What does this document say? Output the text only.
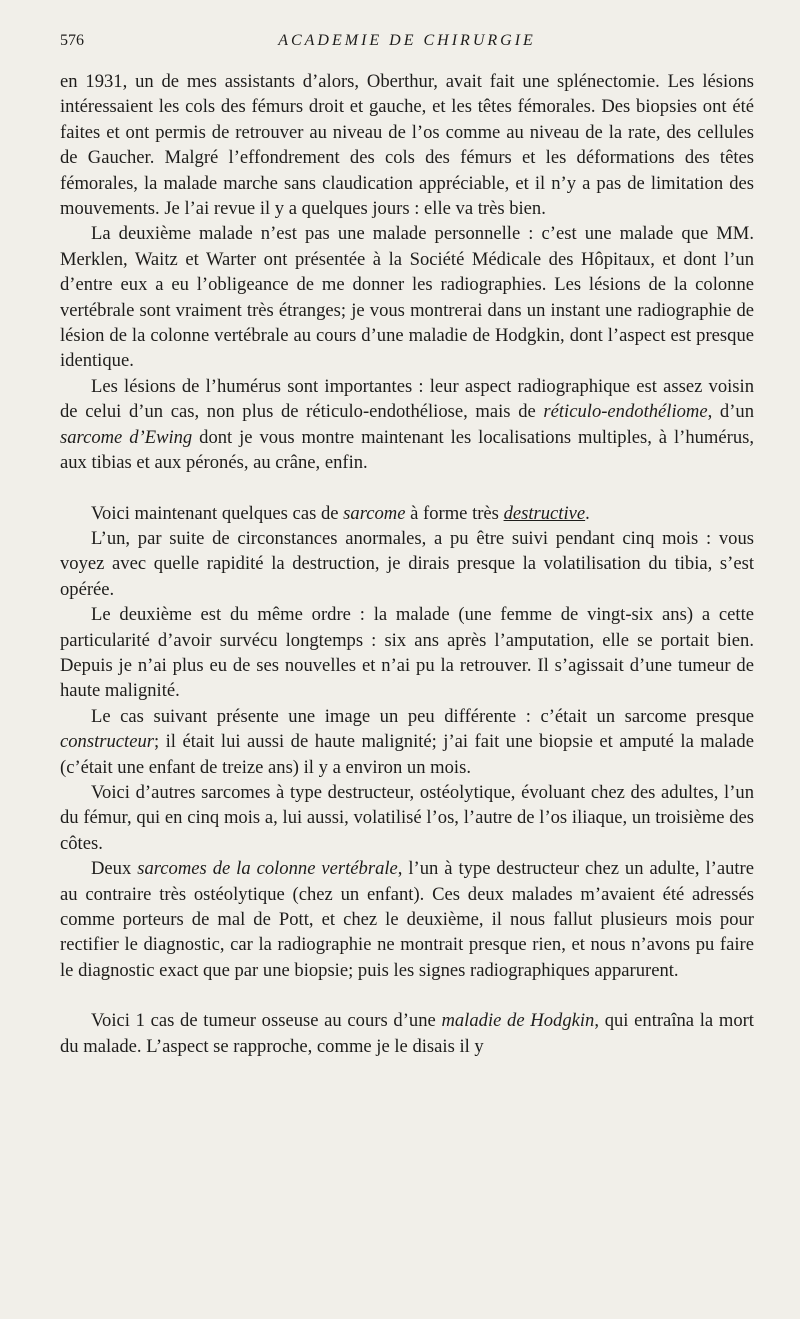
576	ACADEMIE DE CHIRURGIE

en 1931, un de mes assistants d’alors, Oberthur, avait fait une splénectomie. Les lésions intéressaient les cols des fémurs droit et gauche, et les têtes fémorales. Des biopsies ont été faites et ont permis de retrouver au niveau de l’os comme au niveau de la rate, des cellules de Gaucher. Malgré l’effondrement des cols des fémurs et les déformations des têtes fémorales, la malade marche sans claudication appréciable, et il n’y a pas de limitation des mouvements. Je l’ai revue il y a quelques jours : elle va très bien.

La deuxième malade n’est pas une malade personnelle : c’est une malade que MM. Merklen, Waitz et Warter ont présentée à la Société Médicale des Hôpitaux, et dont l’un d’entre eux a eu l’obligeance de me donner les radiographies. Les lésions de la colonne vertébrale sont vraiment très étranges; je vous montrerai dans un instant une radiographie de lésion de la colonne vertébrale au cours d’une maladie de Hodgkin, dont l’aspect est presque identique.

Les lésions de l’humérus sont importantes : leur aspect radiographique est assez voisin de celui d’un cas, non plus de réticulo-endothéliose, mais de réticulo-endothéliome, d’un sarcome d’Ewing dont je vous montre maintenant les localisations multiples, à l’humérus, aux tibias et aux péronés, au crâne, enfin.

Voici maintenant quelques cas de sarcome à forme très destructive.

L’un, par suite de circonstances anormales, a pu être suivi pendant cinq mois : vous voyez avec quelle rapidité la destruction, je dirais presque la volatilisation du tibia, s’est opérée.

Le deuxième est du même ordre : la malade (une femme de vingt-six ans) a cette particularité d’avoir survécu longtemps : six ans après l’amputation, elle se portait bien. Depuis je n’ai plus eu de ses nouvelles et n’ai pu la retrouver. Il s’agissait d’une tumeur de haute malignité.

Le cas suivant présente une image un peu différente : c’était un sarcome presque constructeur; il était lui aussi de haute malignité; j’ai fait une biopsie et amputé la malade (c’était une enfant de treize ans) il y a environ un mois.

Voici d’autres sarcomes à type destructeur, ostéolytique, évoluant chez des adultes, l’un du fémur, qui en cinq mois a, lui aussi, volatilisé l’os, l’autre de l’os iliaque, un troisième des côtes.

Deux sarcomes de la colonne vertébrale, l’un à type destructeur chez un adulte, l’autre au contraire très ostéolytique (chez un enfant). Ces deux malades m’avaient été adressés comme porteurs de mal de Pott, et chez le deuxième, il nous fallut plusieurs mois pour rectifier le diagnostic, car la radiographie ne montrait presque rien, et nous n’avons pu faire le diagnostic exact que par une biopsie; puis les signes radiographiques apparurent.

Voici 1 cas de tumeur osseuse au cours d’une maladie de Hodgkin, qui entraîna la mort du malade. L’aspect se rapproche, comme je le disais il y
